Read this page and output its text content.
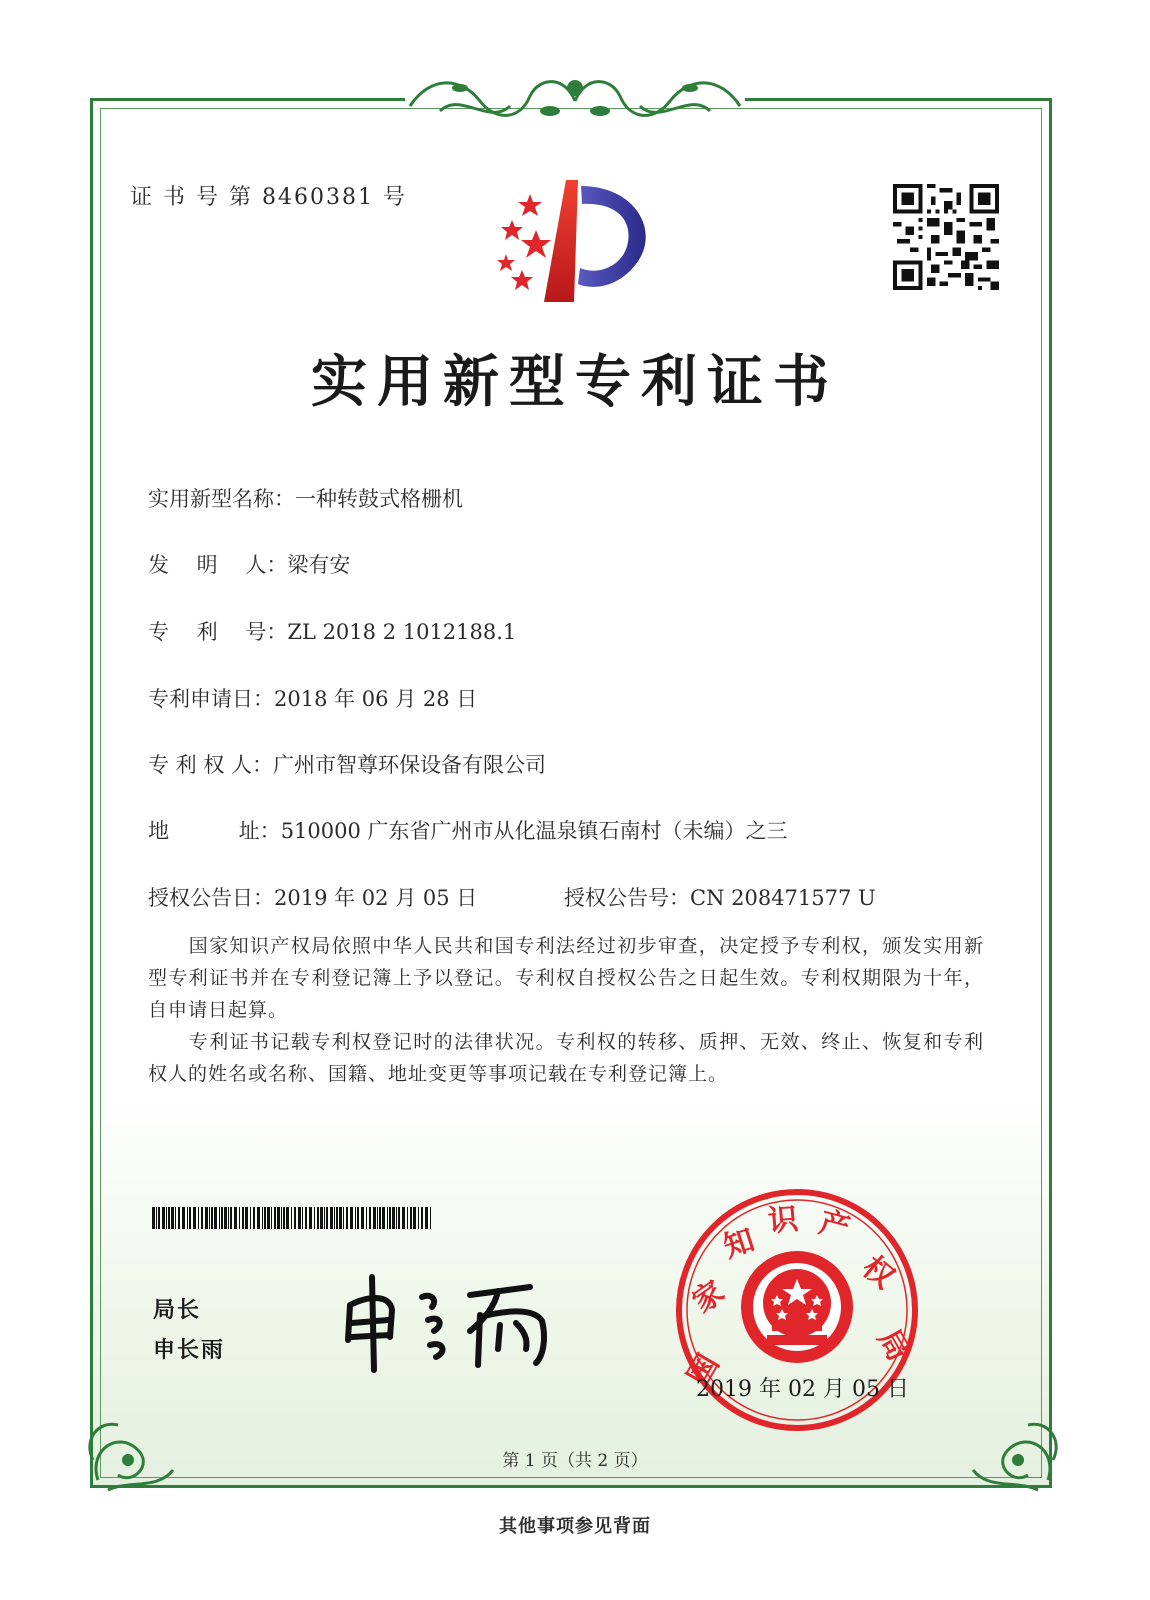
证 书 号 第 8460381 号
实用新型专利证书
实用新型名称：一种转鼓式格栅机
发　 明　 人：梁有安
专　 利　 号：ZL 2018 2 1012188.1
专利申请日：2018 年 06 月 28 日
专 利 权 人：广州市智尊环保设备有限公司
地　　　 址：510000 广东省广州市从化温泉镇石南村（未编）之三
授权公告日：2019 年 02 月 05 日	授权公告号：CN 208471577 U
　　国家知识产权局依照中华人民共和国专利法经过初步审查，决定授予专利权，颁发实用新型专利证书并在专利登记簿上予以登记。专利权自授权公告之日起生效。专利权期限为十年，自申请日起算。
　　专利证书记载专利权登记时的法律状况。专利权的转移、质押、无效、终止、恢复和专利权人的姓名或名称、国籍、地址变更等事项记载在专利登记簿上。
局长
申长雨	国
家
知
识 产
权
局
2019 年 02 月 05 日
第 1 页（共 2 页）
其他事项参见背面
